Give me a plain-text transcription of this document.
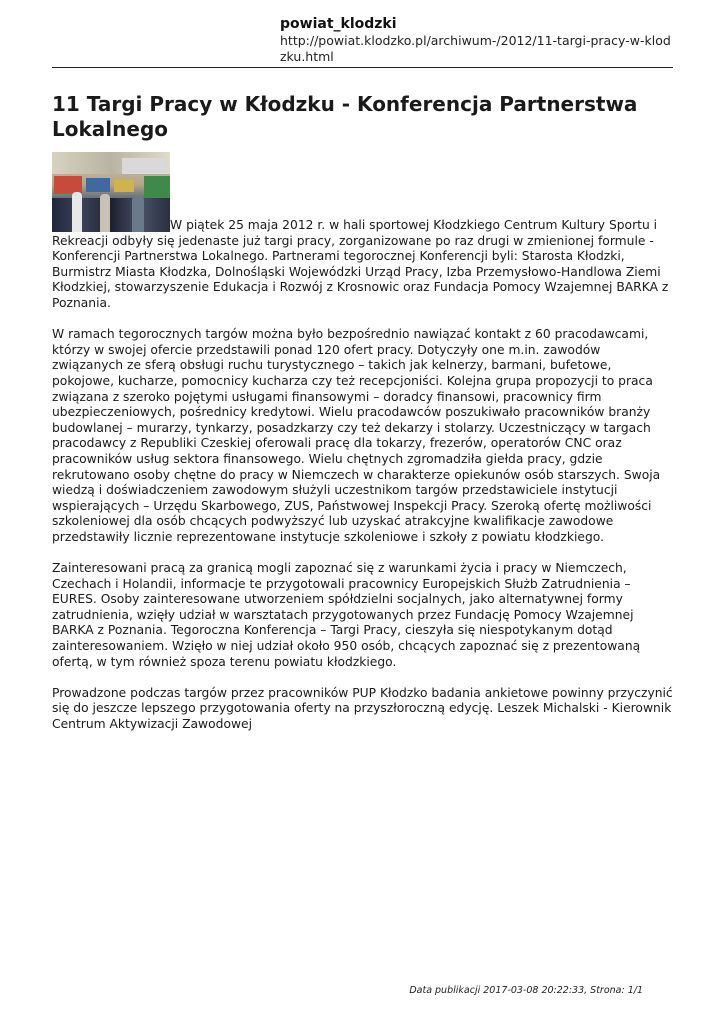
powiat_klodzki
http://powiat.klodzko.pl/archiwum-/2012/11-targi-pracy-w-klodzku.html
11 Targi Pracy w Kłodzku - Konferencja Partnerstwa Lokalnego

W piątek 25 maja 2012 r. w hali sportowej Kłodzkiego Centrum Kultury Sportu i Rekreacji odbyły się jedenaste już targi pracy, zorganizowane po raz drugi w zmienionej formule - Konferencji Partnerstwa Lokalnego. Partnerami tegorocznej Konferencji byli: Starosta Kłodzki, Burmistrz Miasta Kłodzka, Dolnośląski Wojewódzki Urząd Pracy, Izba Przemysłowo-Handlowa Ziemi Kłodzkiej, stowarzyszenie Edukacja i Rozwój z Krosnowic oraz Fundacja Pomocy Wzajemnej BARKA z Poznania.

W ramach tegorocznych targów można było bezpośrednio nawiązać kontakt z 60 pracodawcami, którzy w swojej ofercie przedstawili ponad 120 ofert pracy. Dotyczyły one m.in. zawodów związanych ze sferą obsługi ruchu turystycznego – takich jak kelnerzy, barmani, bufetowe, pokojowe, kucharze, pomocnicy kucharza czy też recepcjoniści. Kolejna grupa propozycji to praca związana z szeroko pojętymi usługami finansowymi – doradcy finansowi, pracownicy firm ubezpieczeniowych, pośrednicy kredytowi. Wielu pracodawców poszukiwało pracowników branży budowlanej – murarzy, tynkarzy, posadzkarzy czy też dekarzy i stolarzy. Uczestniczący w targach pracodawcy z Republiki Czeskiej oferowali pracę dla tokarzy, frezerów, operatorów CNC oraz pracowników usług sektora finansowego. Wielu chętnych zgromadziła giełda pracy, gdzie rekrutowano osoby chętne do pracy w Niemczech w charakterze opiekunów osób starszych. Swoja wiedzą i doświadczeniem zawodowym służyli uczestnikom targów przedstawiciele instytucji wspierających – Urzędu Skarbowego, ZUS, Państwowej Inspekcji Pracy. Szeroką ofertę możliwości szkoleniowej dla osób chcących podwyższyć lub uzyskać atrakcyjne kwalifikacje zawodowe przedstawiły licznie reprezentowane instytucje szkoleniowe i szkoły z powiatu kłodzkiego.

Zainteresowani pracą za granicą mogli zapoznać się z warunkami życia i pracy w Niemczech, Czechach i Holandii, informacje te przygotowali pracownicy Europejskich Służb Zatrudnienia –EURES. Osoby zainteresowane utworzeniem spółdzielni socjalnych, jako alternatywnej formy zatrudnienia, wzięły udział w warsztatach przygotowanych przez Fundację Pomocy Wzajemnej BARKA z Poznania. Tegoroczna Konferencja – Targi Pracy, cieszyła się niespotykanym dotąd zainteresowaniem. Wzięło w niej udział około 950 osób, chcących zapoznać się z prezentowaną ofertą, w tym również spoza terenu powiatu kłodzkiego.

Prowadzone podczas targów przez pracowników PUP Kłodzko badania ankietowe powinny przyczynić się do jeszcze lepszego przygotowania oferty na przyszłoroczną edycję. Leszek Michalski - Kierownik Centrum Aktywizacji Zawodowej

Data publikacji 2017-03-08 20:22:33, Strona: 1/1
